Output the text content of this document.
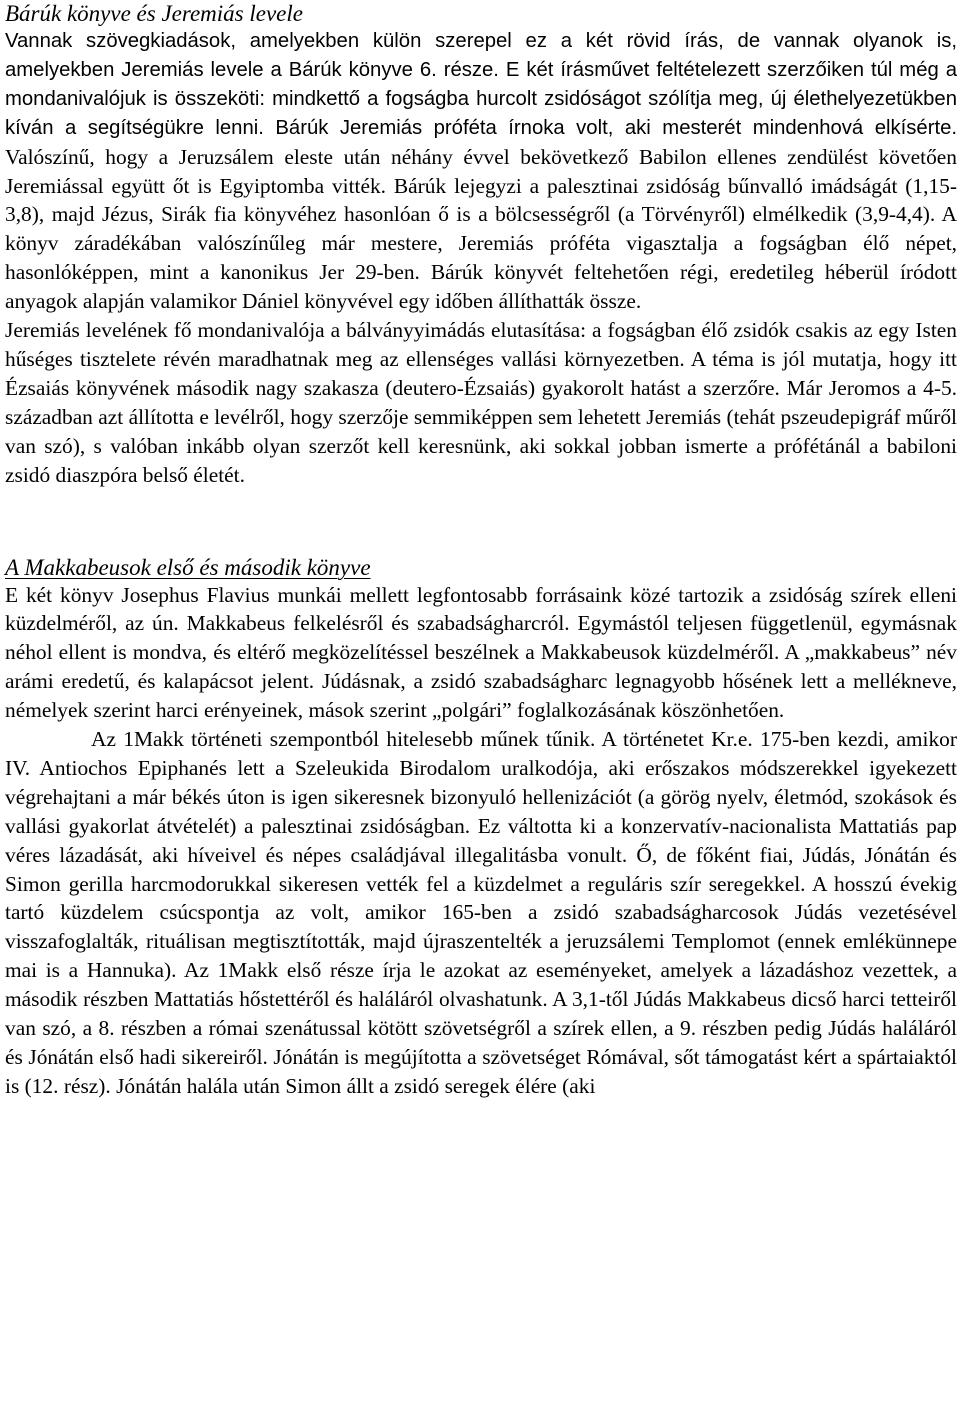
Bárúk könyve és Jeremiás levele

Vannak szövegkiadások, amelyekben külön szerepel ez a két rövid írás, de vannak olyanok is, amelyekben Jeremiás levele a Bárúk könyve 6. része. E két írásművet feltételezett szerzőiken túl még a mondanivalójuk is összeköti: mindkettő a fogságba hurcolt zsidóságot szólítja meg, új élethelyezetükben kíván a segítségükre lenni. Bárúk Jeremiás próféta írnoka volt, aki mesterét mindenhová elkísérte. Valószínű, hogy a Jeruzsálem eleste után néhány évvel bekövetkező Babilon ellenes zendülést követően Jeremiással együtt őt is Egyiptomba vitték. Bárúk lejegyzi a palesztinai zsidóság bűnvalló imádságát (1,15-3,8), majd Jézus, Sirák fia könyvéhez hasonlóan ő is a bölcsességről (a Törvényről) elmélkedik (3,9-4,4). A könyv záradékában valószínűleg már mestere, Jeremiás próféta vigasztalja a fogságban élő népet, hasonlóképpen, mint a kanonikus Jer 29-ben. Bárúk könyvét feltehetően régi, eredetileg héberül íródott anyagok alapján valamikor Dániel könyvével egy időben állíthatták össze.

Jeremiás levelének fő mondanivalója a bálványyimádás elutasítása: a fogságban élő zsidók csakis az egy Isten hűséges tisztelete révén maradhatnak meg az ellenséges vallási környezetben. A téma is jól mutatja, hogy itt Ézsaiás könyvének második nagy szakasza (deutero-Ézsaiás) gyakorolt hatást a szerzőre. Már Jeromos a 4-5. században azt állította e levélről, hogy szerzője semmiképpen sem lehetett Jeremiás (tehát pszeudepigráf műről van szó), s valóban inkább olyan szerzőt kell keresnünk, aki sokkal jobban ismerte a prófétánál a babiloni zsidó diaszpóra belső életét.

A Makkabeusok első és második könyve

E két könyv Josephus Flavius munkái mellett legfontosabb forrásaink közé tartozik a zsidóság szírek elleni küzdelméről, az ún. Makkabeus felkelésről és szabadságharcról. Egymástól teljesen függetlenül, egymásnak néhol ellent is mondva, és eltérő megközelítéssel beszélnek a Makkabeusok küzdelméről. A „makkabeus” név arámi eredetű, és kalapácsot jelent. Júdásnak, a zsidó szabadságharc legnagyobb hősének lett a mellékneve, némelyek szerint harci erényeinek, mások szerint „polgári” foglalkozásának köszönhetően.

Az 1Makk történeti szempontból hitelesebb műnek tűnik. A történetet Kr.e. 175-ben kezdi, amikor IV. Antiochos Epiphanés lett a Szeleukida Birodalom uralkodója, aki erőszakos módszerekkel igyekezett végrehajtani a már békés úton is igen sikeresnek bizonyuló hellenizációt (a görög nyelv, életmód, szokások és vallási gyakorlat átvételét) a palesztinai zsidóságban. Ez váltotta ki a konzervatív-nacionalista Mattatiás pap véres lázadását, aki híveivel és népes családjával illegalitásba vonult. Ő, de főként fiai, Júdás, Jónátán és Simon gerilla harcmodorukkal sikeresen vették fel a küzdelmet a reguláris szír seregekkel. A hosszú évekig tartó küzdelem csúcspontja az volt, amikor 165-ben a zsidó szabadságharcosok Júdás vezetésével visszafoglalták, rituálisan megtisztították, majd újraszentelték a jeruzsálemi Templomot (ennek emlékünnepe mai is a Hannuka). Az 1Makk első része írja le azokat az eseményeket, amelyek a lázadáshoz vezettek, a második részben Mattatiás hőstettéről és haláláról olvashatunk. A 3,1-től Júdás Makkabeus dicső harci tetteiről van szó, a 8. részben a római szenátussal kötött szövetségről a szírek ellen, a 9. részben pedig Júdás haláláról és Jónátán első hadi sikereiről. Jónátán is megújította a szövetséget Rómával, sőt támogatást kért a spártaiaktól is (12. rész). Jónátán halála után Simon állt a zsidó seregek élére (aki
